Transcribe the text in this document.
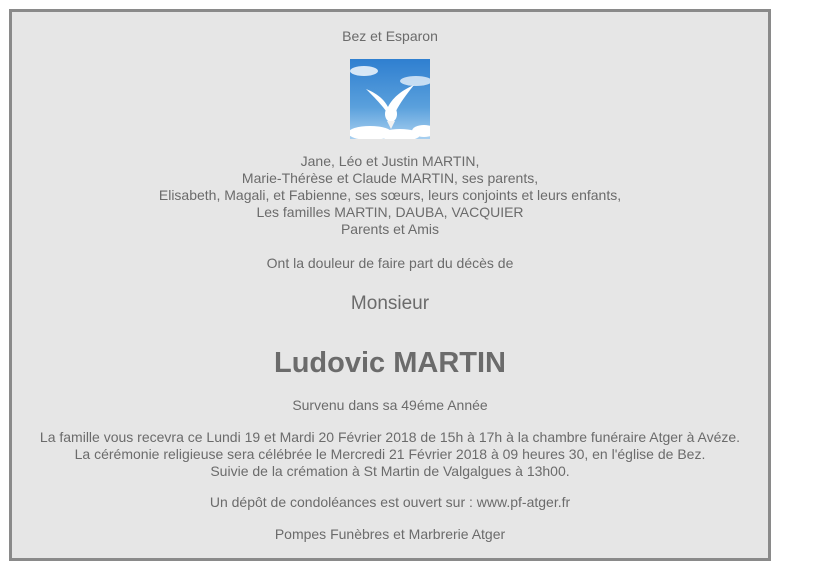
Bez et Esparon
Jane, Léo et Justin MARTIN,
Marie-Thérèse et Claude MARTIN, ses parents,
Elisabeth, Magali, et Fabienne, ses sœurs, leurs conjoints et leurs enfants,
Les familles MARTIN, DAUBA, VACQUIER
Parents et Amis
Ont la douleur de faire part du décès de
Monsieur
Ludovic MARTIN
Survenu dans sa 49éme Année
La famille vous recevra ce Lundi 19 et Mardi 20 Février 2018 de 15h à 17h à la chambre funéraire Atger à Avéze.
La cérémonie religieuse sera célébrée le Mercredi 21 Février 2018 à 09 heures 30, en l'église de Bez.
Suivie de la crémation à St Martin de Valgalgues à 13h00.
Un dépôt de condoléances est ouvert sur : www.pf-atger.fr
Pompes Funèbres et Marbrerie Atger
